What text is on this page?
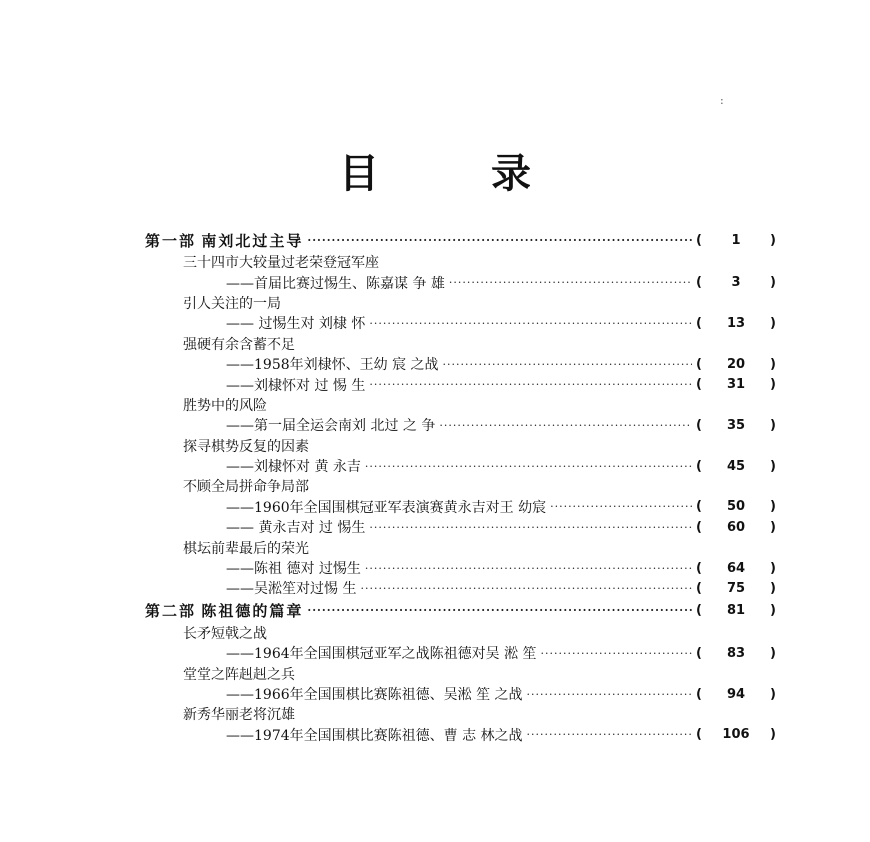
目　录
第一部 南刘北过主导 ·····	(	1	)
三十四市大较量过老荣登冠军座
——首届比赛过惕生、陈嘉谋 争 雄 ·····	(	3	)
引人关注的一局
—— 过惕生对 刘棣 怀 ·····	(	13	)
强硬有余含蓄不足
——1958年刘棣怀、王幼 宸 之战 ·····	(	20	)
——刘棣怀对 过 惕 生 ·····	(	31	)
胜势中的风险
——第一届全运会南刘 北过 之 争 ·····	(	35	)
探寻棋势反复的因素
——刘棣怀对 黄 永吉 ·····	(	45	)
不顾全局拼命争局部
——1960年全国围棋冠亚军表演赛黄永吉对王 幼宸 ·····	(	50	)
—— 黄永吉对 过 惕生 ·····	(	60	)
棋坛前辈最后的荣光
——陈祖 德对 过惕生 ·····	(	64	)
——吴淞笙对过惕 生 ·····	(	75	)
第二部 陈祖德的篇章 ·····	(	81	)
长矛短戟之战
——1964年全国围棋冠亚军之战陈祖德对吴 淞 笙 ·····	(	83	)
堂堂之阵赳赳之兵
——1966年全国围棋比赛陈祖德、吴淞 笙 之战 ·····	(	94	)
新秀华丽老将沉雄
——1974年全国围棋比赛陈祖德、曹 志 林之战 ·····	(	106	)
:
